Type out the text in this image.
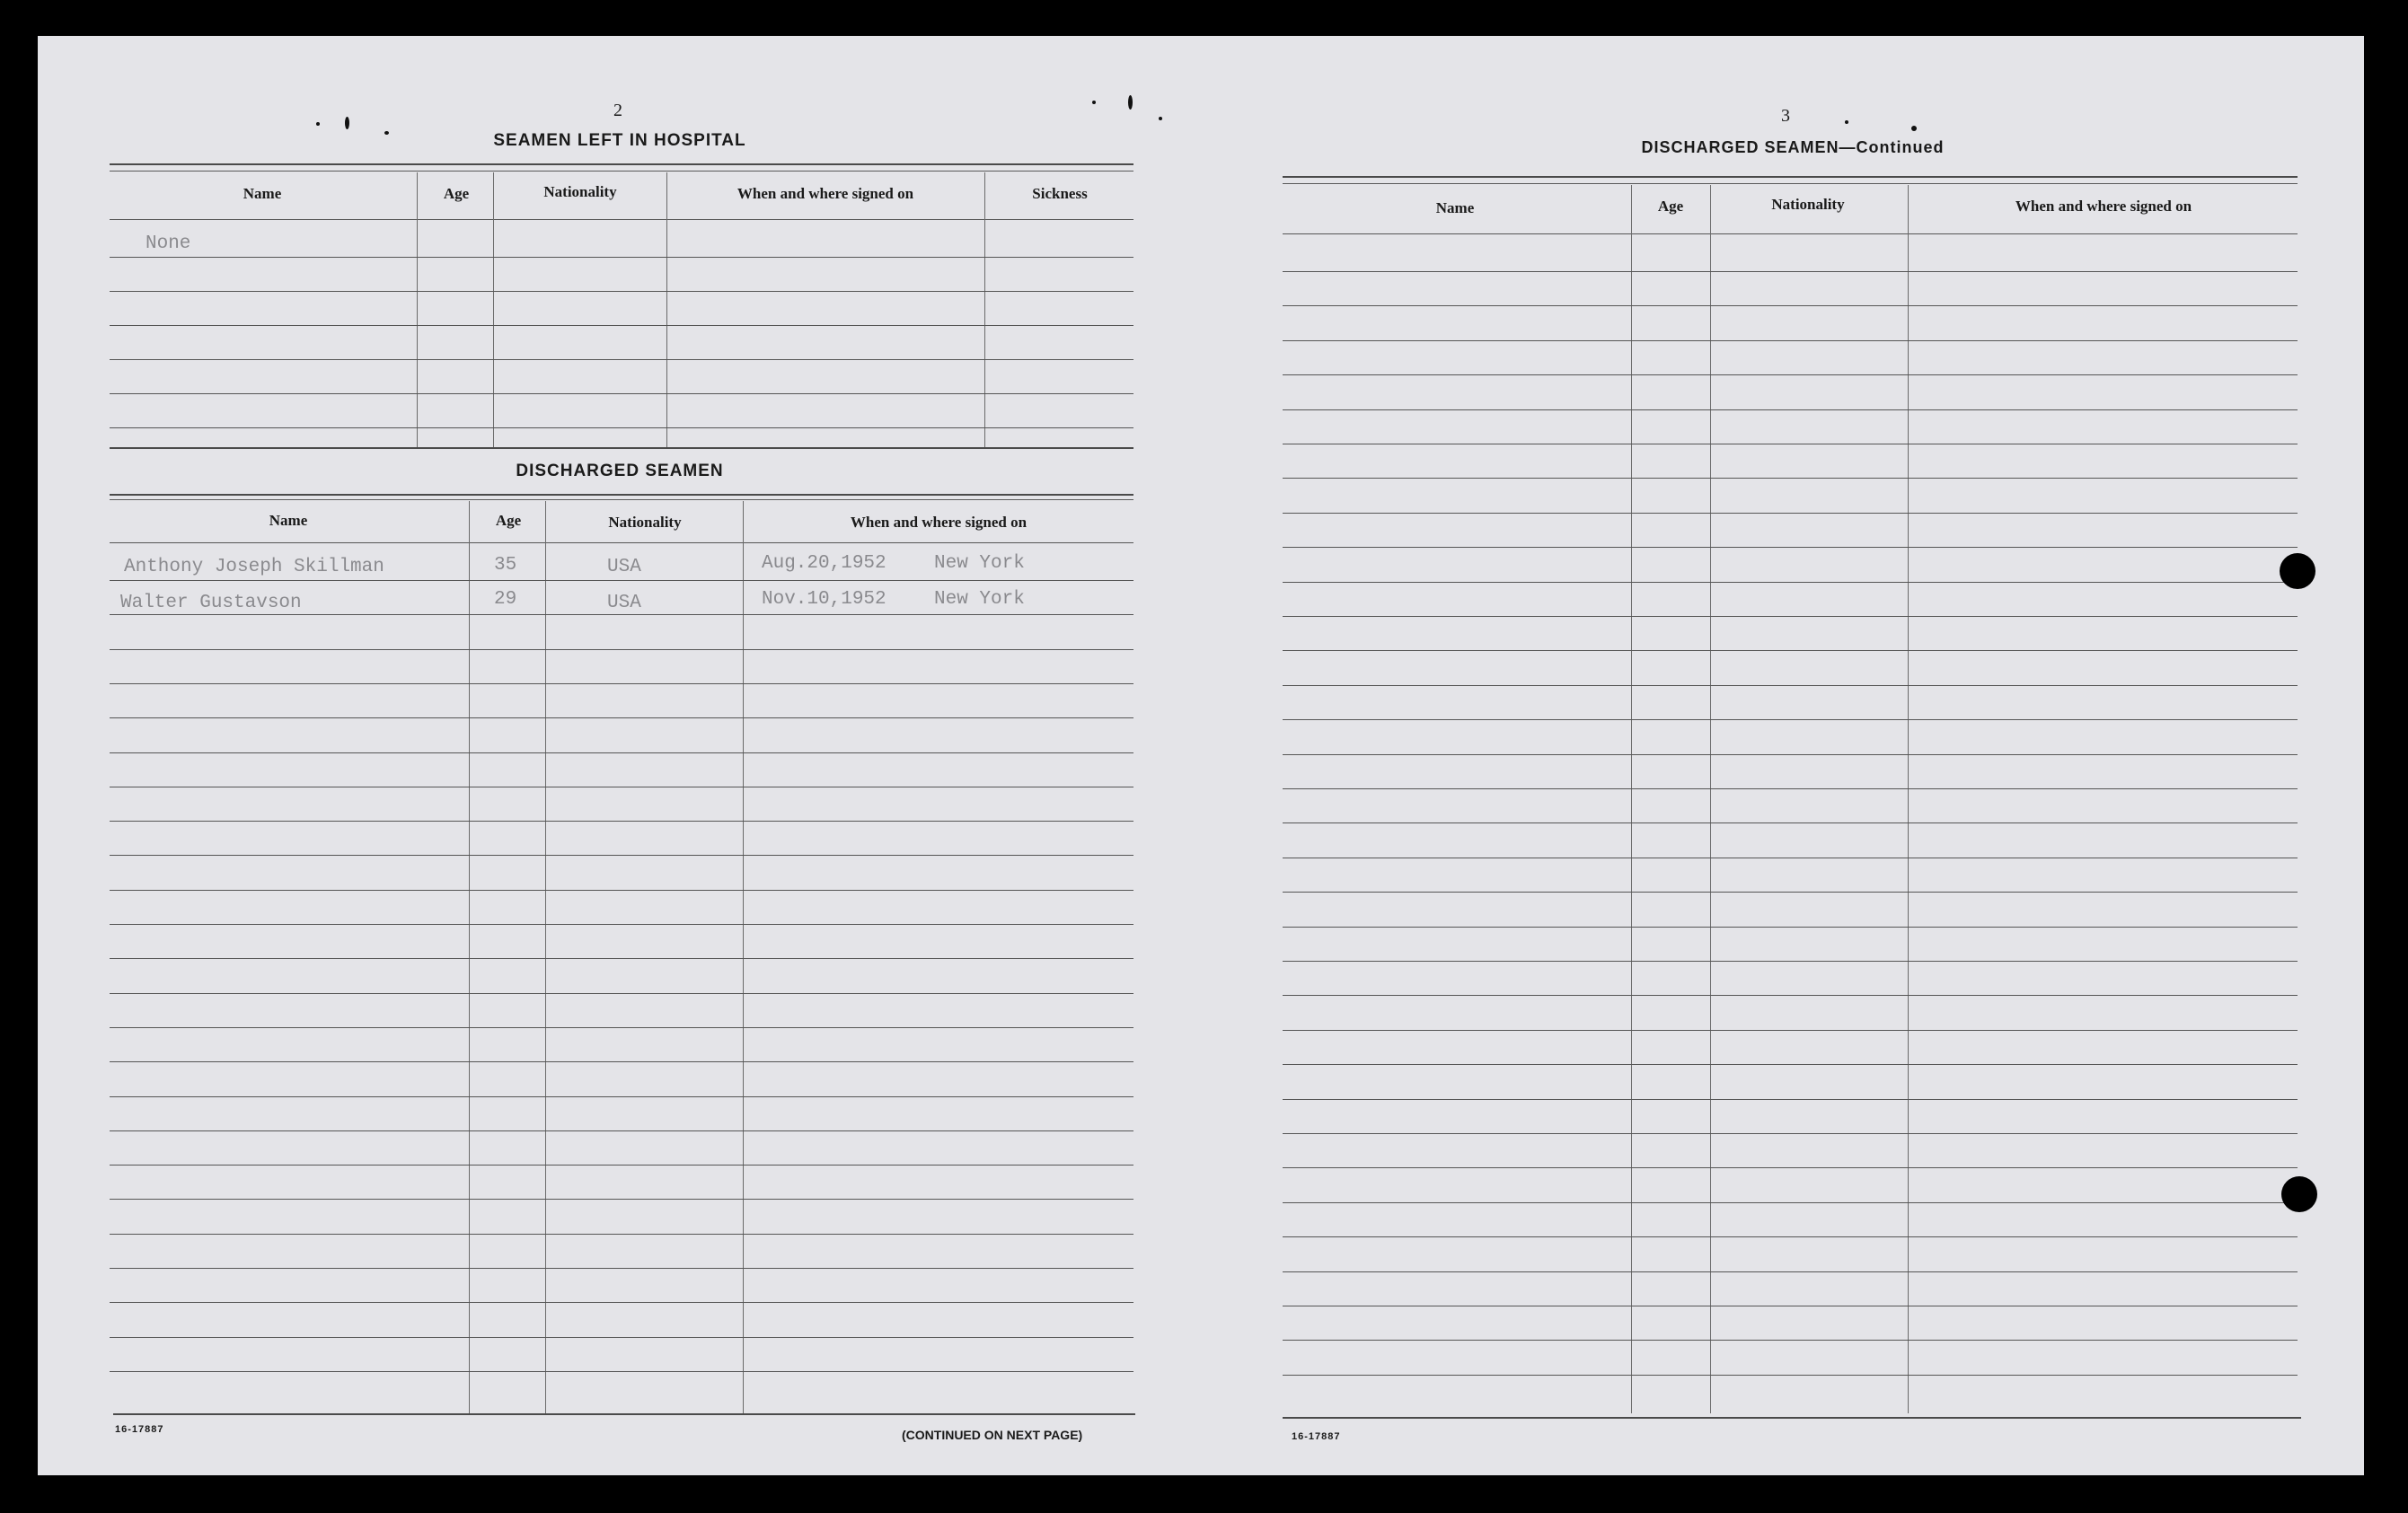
2
SEAMEN LEFT IN HOSPITAL
Name	Age	Nationality	When and where signed on	Sickness
None
DISCHARGED SEAMEN
Name	Age	Nationality	When and where signed on
Anthony Joseph Skillman	35	USA	Aug.20,1952	New York
Walter Gustavson	29	USA	Nov.10,1952	New York
16-17887	(CONTINUED ON NEXT PAGE)
3
DISCHARGED SEAMEN—Continued
Name	Age	Nationality	When and where signed on
16-17887
